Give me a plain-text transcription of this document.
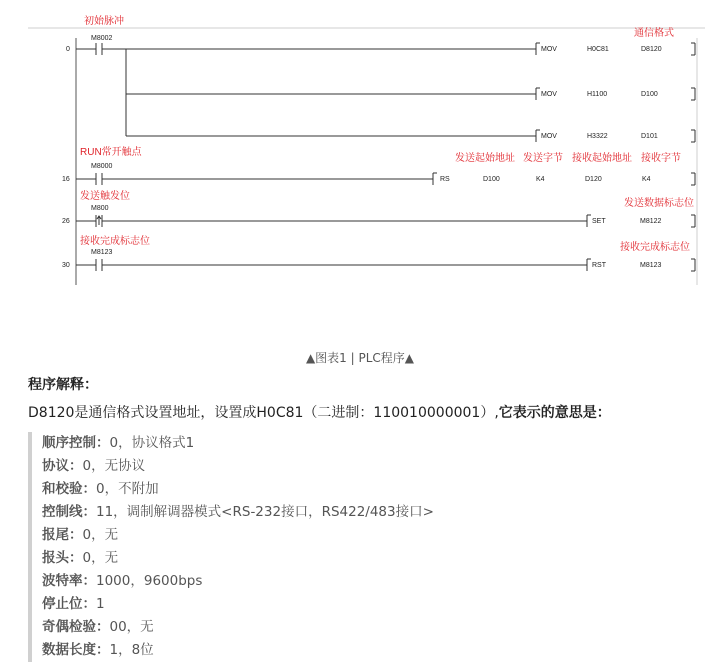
初始脉冲
通信格式
0
M8002
MOV	H0C81	D8120
MOV	H1100	D100
MOV	H3322	D101
RUN常开触点
发送起始地址 发送字节 接收起始地址 接收字节
16
M8000
RS	D100	K4	D120	K4
发送触发位
发送数据标志位
26
M800
SET	M8122
接收完成标志位
接收完成标志位
30
M8123
RST	M8123
▲图表1 | PLC程序▲
程序解释：
D8120是通信格式设置地址，设置成H0C81（二进制：110010000001）,它表示的意思是：
顺序控制：0，协议格式1
协议：0，无协议
和校验：0，不附加
控制线：11，调制解调器模式<RS-232接口，RS422/483接口>
报尾：0，无
报头：0，无
波特率：1000，9600bps
停止位：1
奇偶检验：00，无
数据长度：1，8位
